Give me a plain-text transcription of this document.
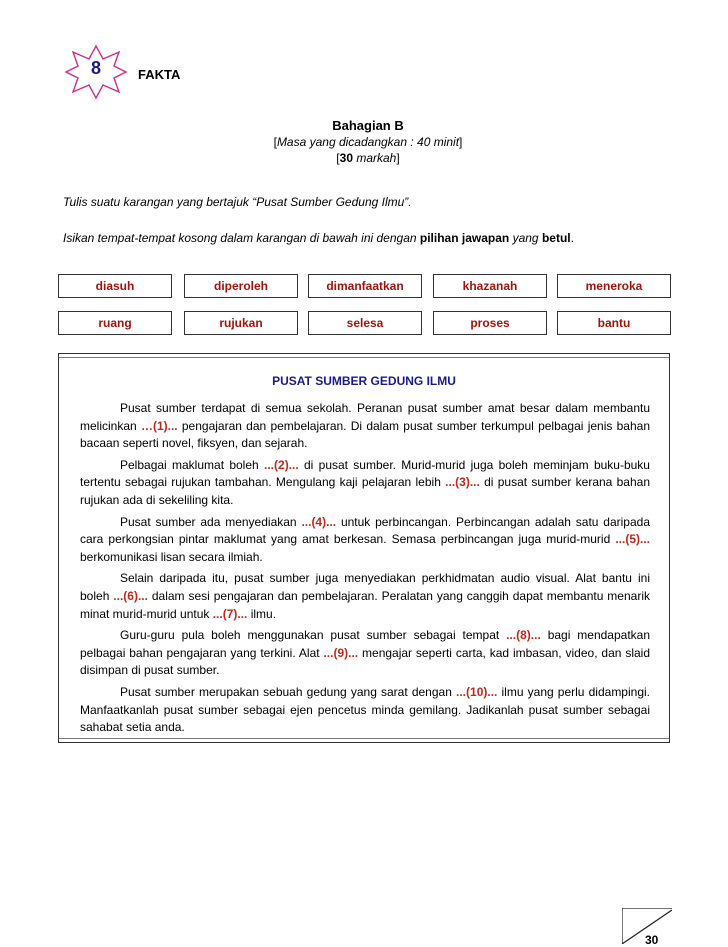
8	FAKTA
Bahagian B
[Masa yang dicadangkan : 40 minit]
[30 markah]
Tulis suatu karangan yang bertajuk “Pusat Sumber Gedung Ilmu”.
Isikan tempat-tempat kosong dalam karangan di bawah ini dengan pilihan jawapan yang betul.
diasuh	diperoleh	dimanfaatkan	khazanah	meneroka
ruang	rujukan	selesa	proses	bantu
PUSAT SUMBER GEDUNG ILMU

Pusat sumber terdapat di semua sekolah. Peranan pusat sumber amat besar dalam membantu melicinkan …(1)... pengajaran dan pembelajaran. Di dalam pusat sumber terkumpul pelbagai jenis bahan bacaan seperti novel, fiksyen, dan sejarah.

Pelbagai maklumat boleh ...(2)... di pusat sumber. Murid-murid juga boleh meminjam buku-buku tertentu sebagai rujukan tambahan. Mengulang kaji pelajaran lebih ...(3)... di pusat sumber kerana bahan rujukan ada di sekeliling kita.

Pusat sumber ada menyediakan ...(4)... untuk perbincangan. Perbincangan adalah satu daripada cara perkongsian pintar maklumat yang amat berkesan. Semasa perbincangan juga murid-murid ...(5)... berkomunikasi lisan secara ilmiah.

Selain daripada itu, pusat sumber juga menyediakan perkhidmatan audio visual. Alat bantu ini boleh ...(6)... dalam sesi pengajaran dan pembelajaran. Peralatan yang canggih dapat membantu menarik minat murid-murid untuk ...(7)... ilmu.

Guru-guru pula boleh menggunakan pusat sumber sebagai tempat ...(8)... bagi mendapatkan pelbagai bahan pengajaran yang terkini. Alat ...(9)... mengajar seperti carta, kad imbasan, video, dan slaid disimpan di pusat sumber.

Pusat sumber merupakan sebuah gedung yang sarat dengan ...(10)... ilmu yang perlu didampingi. Manfaatkanlah pusat sumber sebagai ejen pencetus minda gemilang. Jadikanlah pusat sumber sebagai sahabat setia anda.

30
